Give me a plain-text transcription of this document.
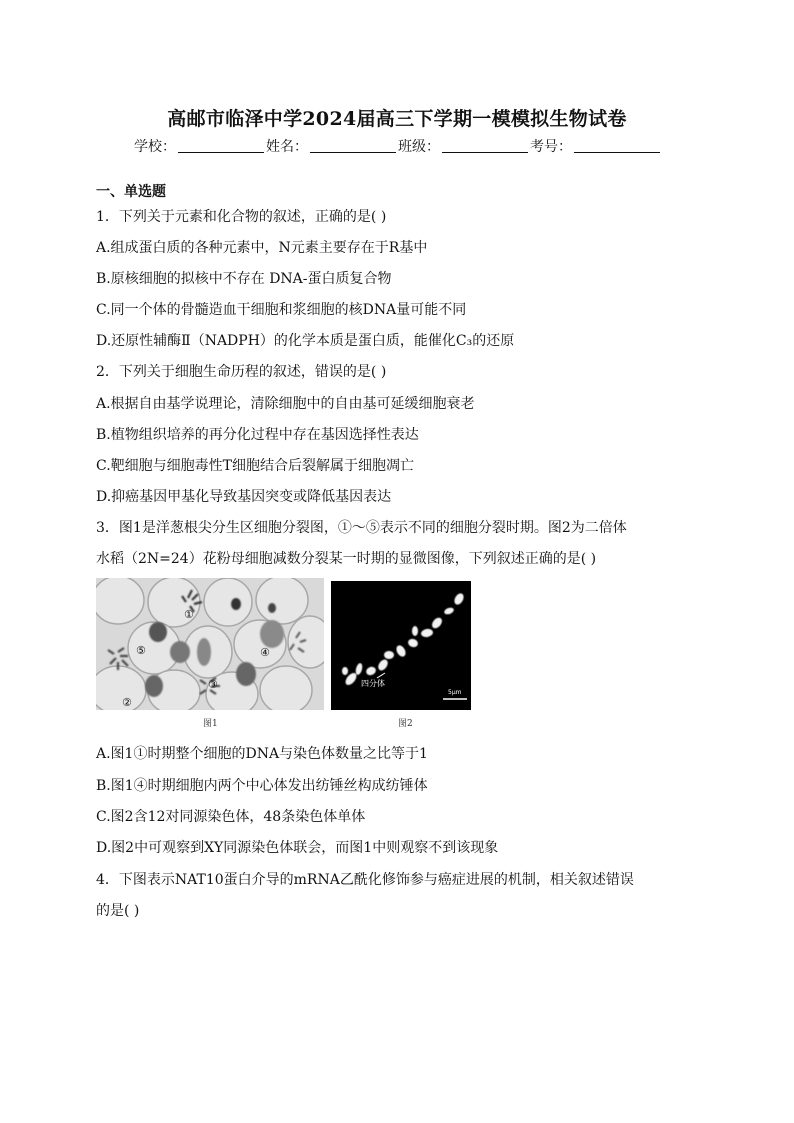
高邮市临泽中学2024届高三下学期一模模拟生物试卷
学校：	姓名：	班级：	考号：
一、单选题
1．下列关于元素和化合物的叙述，正确的是( )
A.组成蛋白质的各种元素中，N元素主要存在于R基中
B.原核细胞的拟核中不存在 DNA-蛋白质复合物
C.同一个体的骨髓造血干细胞和浆细胞的核DNA量可能不同
D.还原性辅酶Ⅱ（NADPH）的化学本质是蛋白质，能催化C₃的还原
2．下列关于细胞生命历程的叙述，错误的是( )
A.根据自由基学说理论，清除细胞中的自由基可延缓细胞衰老
B.植物组织培养的再分化过程中存在基因选择性表达
C.靶细胞与细胞毒性T细胞结合后裂解属于细胞凋亡
D.抑癌基因甲基化导致基因突变或降低基因表达
3．图1是洋葱根尖分生区细胞分裂图，①～⑤表示不同的细胞分裂时期。图2为二倍体
水稻（2N=24）花粉母细胞减数分裂某一时期的显微图像，下列叙述正确的是( )
①
②
③
④
⑤
图1
四分体
5μm
图2
A.图1①时期整个细胞的DNA与染色体数量之比等于1
B.图1④时期细胞内两个中心体发出纺锤丝构成纺锤体
C.图2含12对同源染色体，48条染色体单体
D.图2中可观察到XY同源染色体联会，而图1中则观察不到该现象
4．下图表示NAT10蛋白介导的mRNA乙酰化修饰参与癌症进展的机制，相关叙述错误
的是( )
